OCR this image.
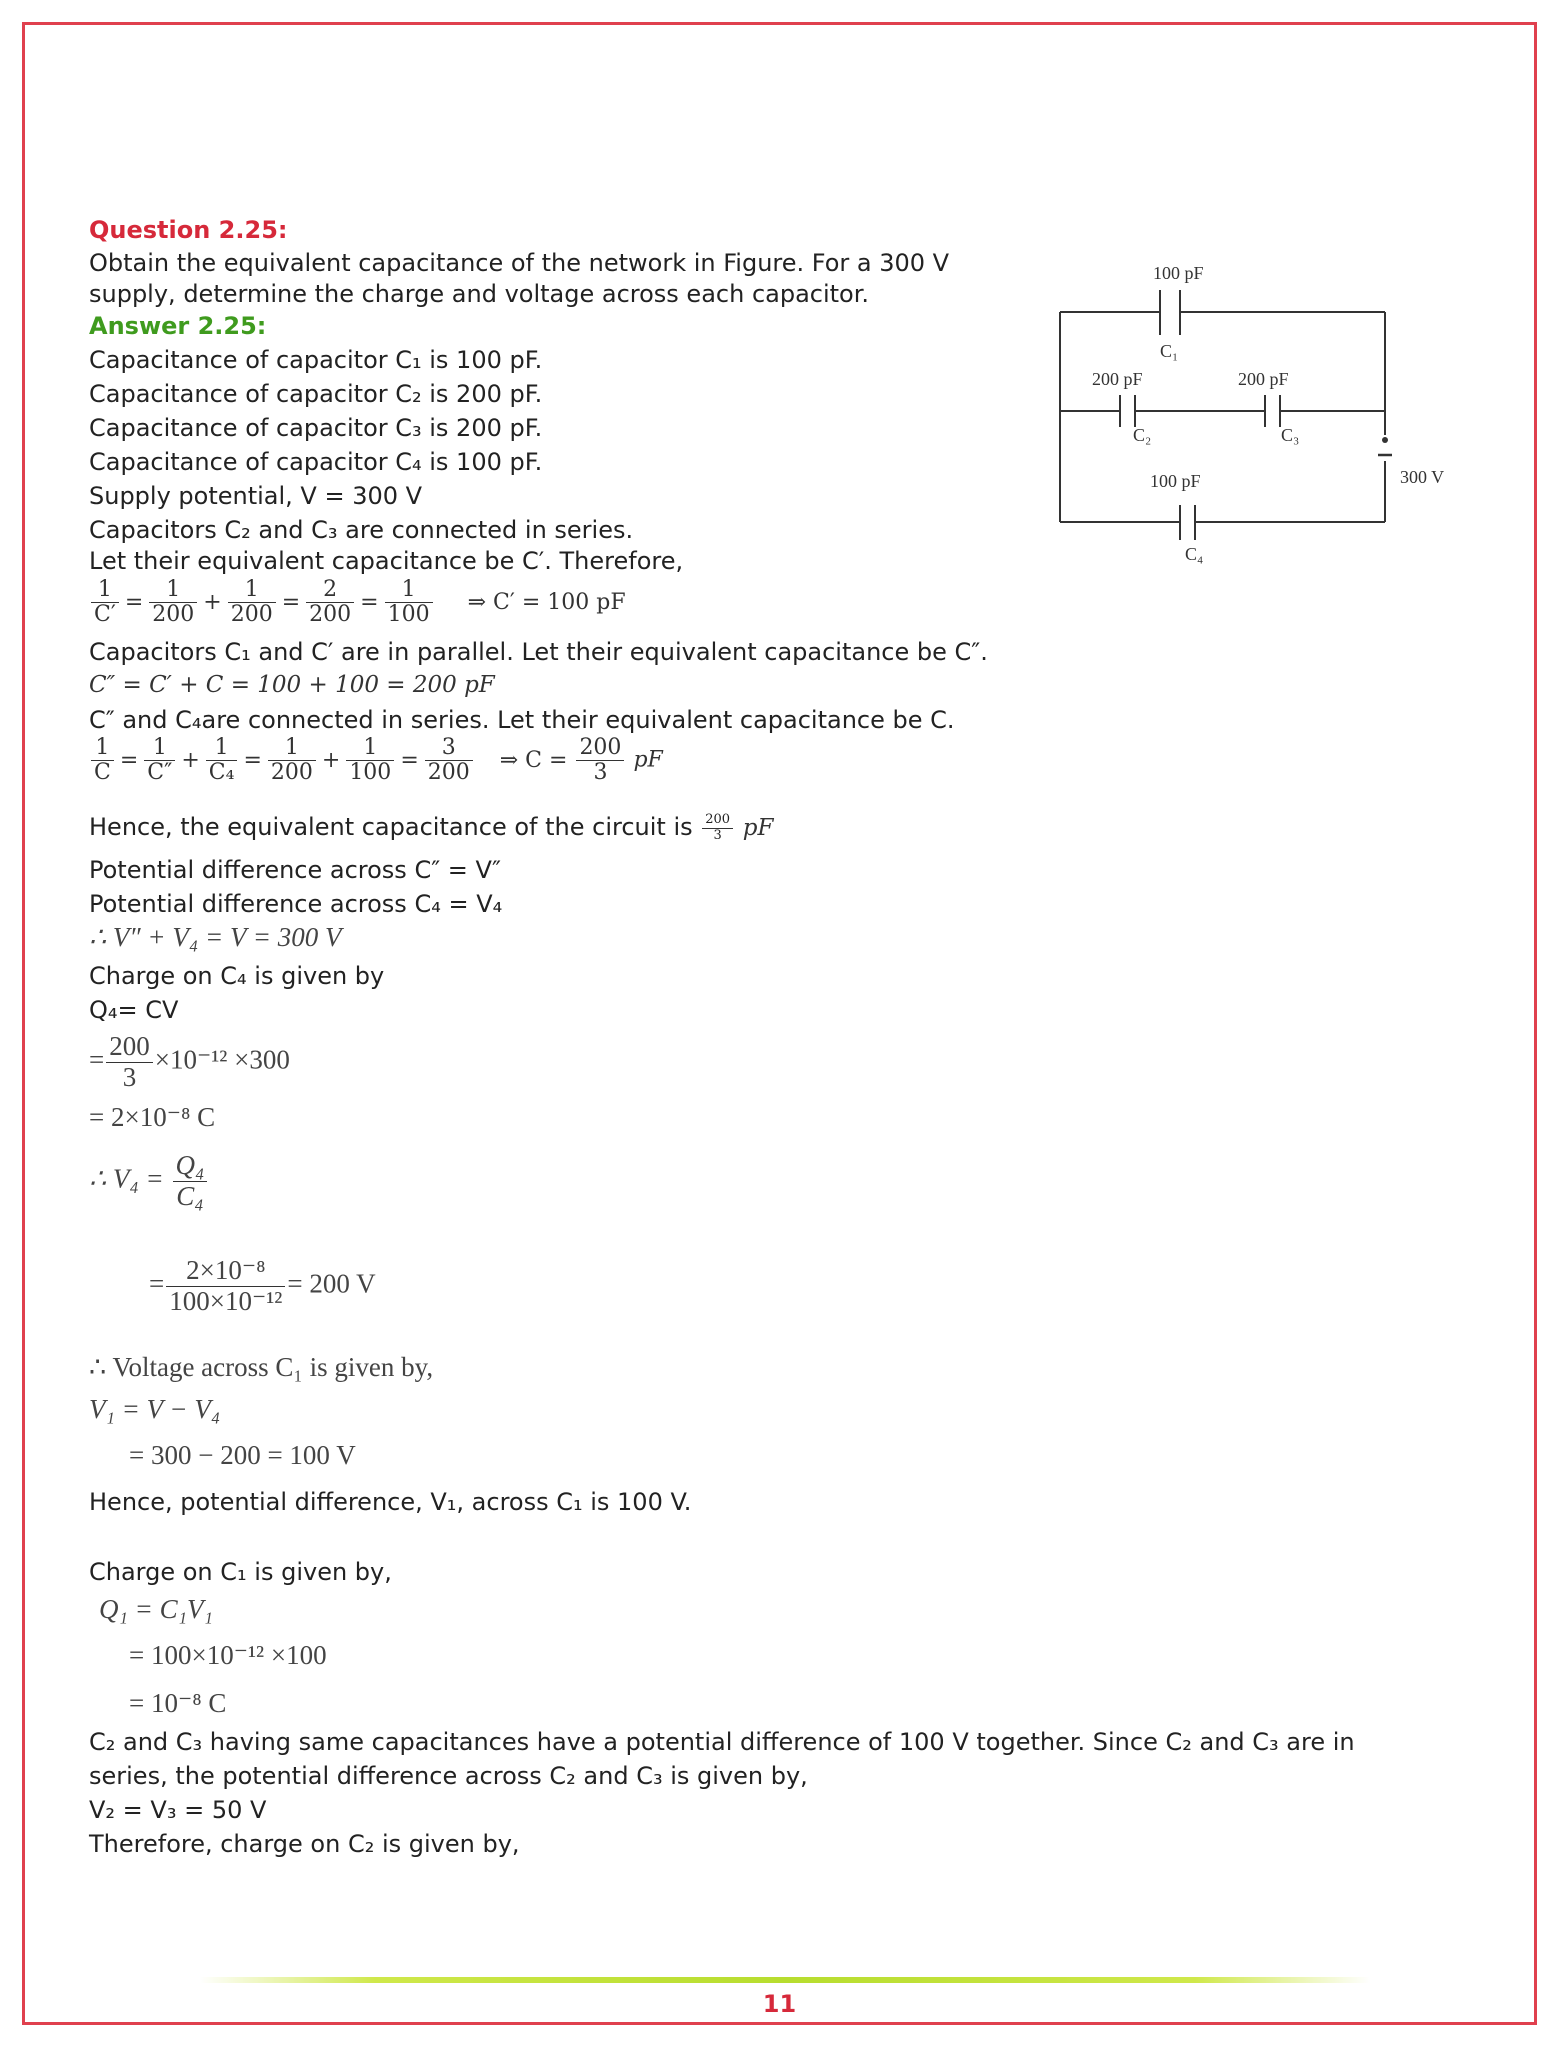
Question 2.25:
Obtain the equivalent capacitance of the network in Figure. For a 300 V
supply, determine the charge and voltage across each capacitor.
Answer 2.25:
Capacitance of capacitor C₁ is 100 pF.
Capacitance of capacitor C₂ is 200 pF.
Capacitance of capacitor C₃ is 200 pF.
Capacitance of capacitor C₄ is 100 pF.
Supply potential, V = 300 V
Capacitors C₂ and C₃ are connected in series.
Let their equivalent capacitance be C′. Therefore,
$\frac{1}{C'} = \frac{1}{200} + \frac{1}{200} = \frac{2}{200} = \frac{1}{100}$ ⇒ C′ = 100 pF
Capacitors C₁ and C′ are in parallel. Let their equivalent capacitance be C″.
C″ = C′ + C = 100 + 100 = 200 pF
C″ and C₄are connected in series. Let their equivalent capacitance be C.
$\frac{1}{C} = \frac{1}{C''} + \frac{1}{\text{C₄}} = \frac{1}{200} + \frac{1}{100} = \frac{3}{200}$ ⇒ $C = \frac{200}{3}$ pF
Hence, the equivalent capacitance of the circuit is $\frac{200}{3}$ pF
Potential difference across C″ = V″
Potential difference across C₄ = V₄
∴ V″ + V₄ = V = 300 V
Charge on C₄ is given by
Q₄= CV
= $\frac{200}{3} \times 10^{-12} \times 300$
= 2×10⁻⁸ C
∴ $V_4 = \frac{\text{Q₄}}{\text{C₄}}$
= $\frac{\text{2×10⁻⁸}}{\text{100×10⁻¹²}} = 200$ V
∴ Voltage across C₁ is given by,
V₁ = V − V₄
= 300 − 200 = 100 V
Hence, potential difference, V₁, across C₁ is 100 V.
Charge on C₁ is given by,
Q₁ = C₁V₁
= 100×10⁻¹² ×100
= 10⁻⁸ C
C₂ and C₃ having same capacitances have a potential difference of 100 V together. Since C₂ and C₃ are in
series, the potential difference across C₂ and C₃ is given by,
V₂ = V₃ = 50 V
Therefore, charge on C₂ is given by,
100 pF
C₁
200 pF
C₂
200 pF
C₃
100 pF
C₄
300 V
11
